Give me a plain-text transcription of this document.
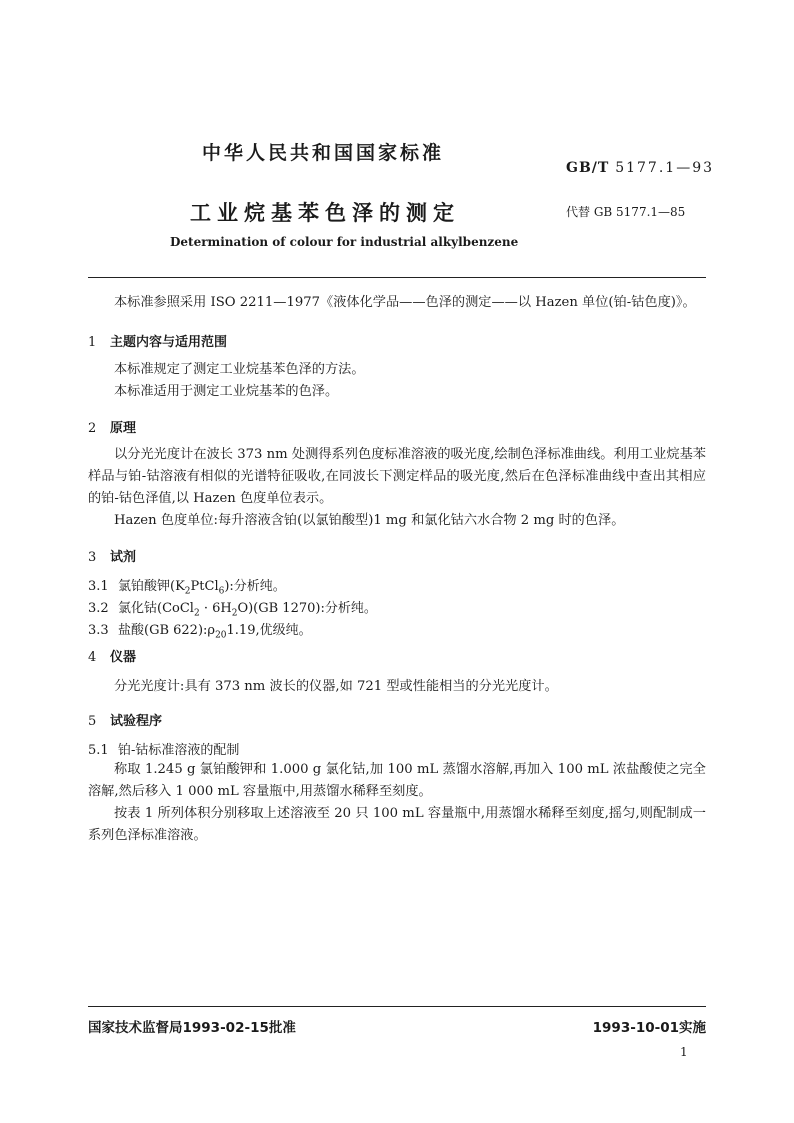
中华人民共和国国家标准
GB/T 5177.1—93
工业烷基苯色泽的测定	代替 GB 5177.1—85
Determination of colour for industrial alkylbenzene
本标准参照采用 ISO 2211—1977《液体化学品——色泽的测定——以 Hazen 单位(铂-钴色度)》。
1 主题内容与适用范围
本标准规定了测定工业烷基苯色泽的方法。
本标准适用于测定工业烷基苯的色泽。
2 原理
以分光光度计在波长 373 nm 处测得系列色度标准溶液的吸光度,绘制色泽标准曲线。利用工业烷基苯样品与铂-钴溶液有相似的光谱特征吸收,在同波长下测定样品的吸光度,然后在色泽标准曲线中查出其相应的铂-钴色泽值,以 Hazen 色度单位表示。
Hazen 色度单位:每升溶液含铂(以氯铂酸型)1 mg 和氯化钴六水合物 2 mg 时的色泽。
3 试剂
3.1 氯铂酸钾$(K_2PtCl_6)$:分析纯。
3.2 氯化钴(CoCl$_2$ · $6H_2O)(GB$ 1270):分析纯。
3.3 盐酸(GB $622):\rho_{20}1.19$,优级纯。
4 仪器
分光光度计:具有 373 nm 波长的仪器,如 721 型或性能相当的分光光度计。
5 试验程序
5.1 铂-钴标准溶液的配制
称取 1.245 g 氯铂酸钾和 1.000 g 氯化钴,加 100 mL 蒸馏水溶解,再加入 100 mL 浓盐酸使之完全溶解,然后移入 1 000 mL 容量瓶中,用蒸馏水稀释至刻度。
按表 1 所列体积分别移取上述溶液至 20 只 100 mL 容量瓶中,用蒸馏水稀释至刻度,摇匀,则配制成一系列色泽标准溶液。
国家技术监督局1993-02-15批准	1993-10-01实施
1
